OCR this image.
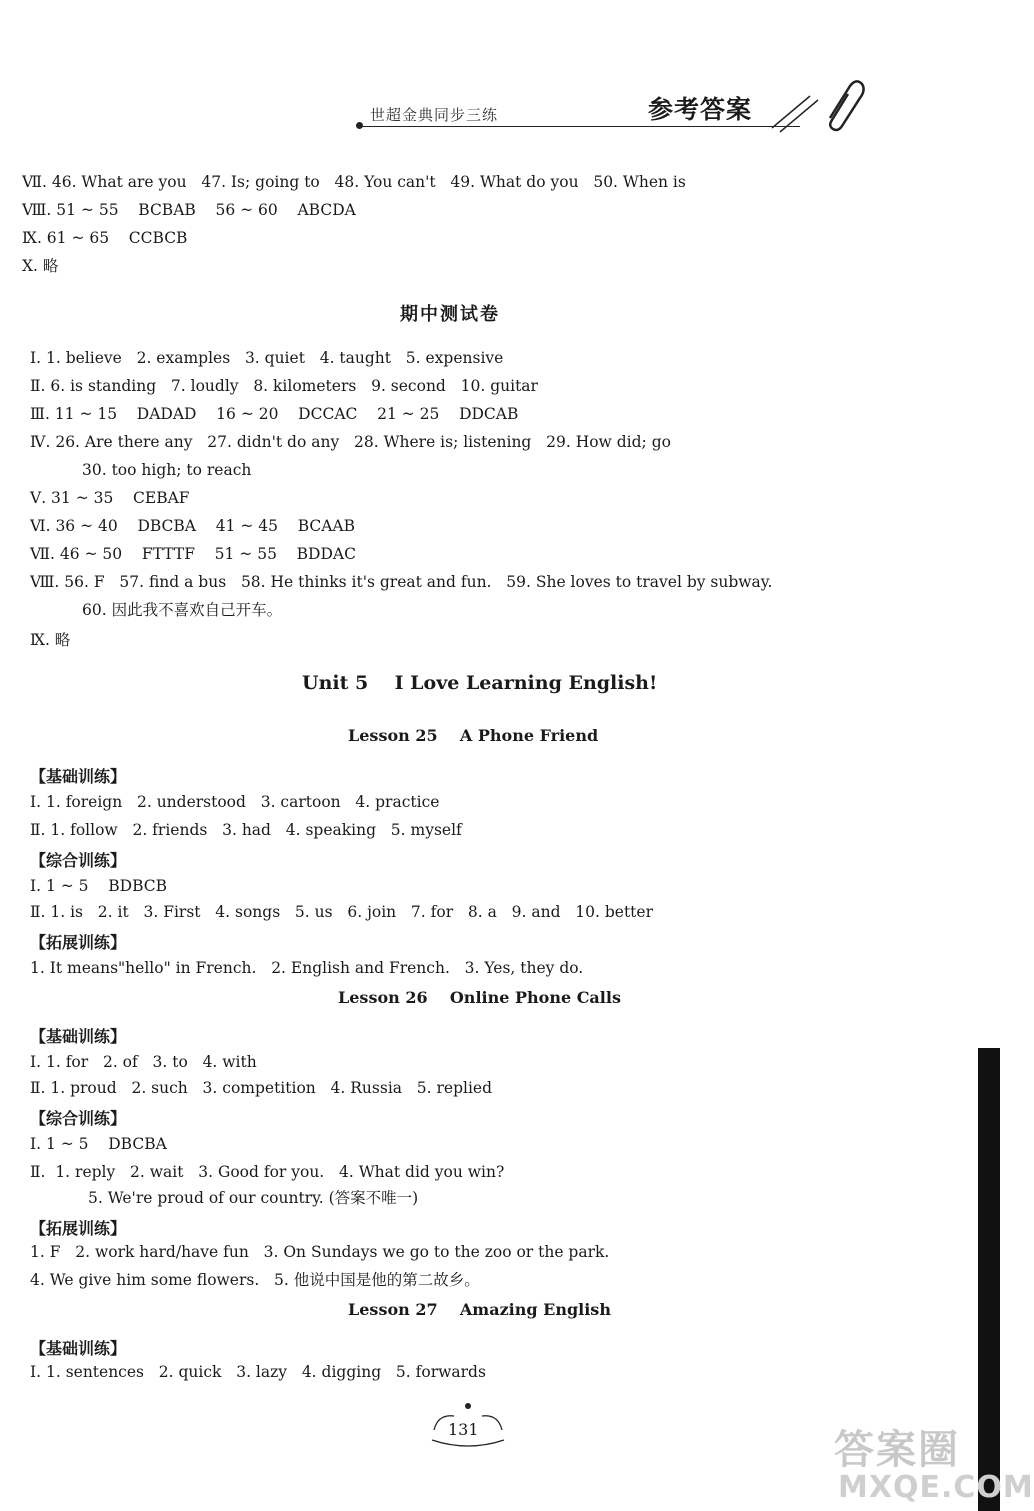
世超金典同步三练	参考答案
Ⅶ. 46. What are you   47. Is; going to   48. You can't   49. What do you   50. When is
Ⅷ. 51 ~ 55    BCBAB    56 ~ 60    ABCDA
Ⅸ. 61 ~ 65    CCBCB
Ⅹ. 略
期中测试卷
Ⅰ. 1. believe   2. examples   3. quiet   4. taught   5. expensive
Ⅱ. 6. is standing   7. loudly   8. kilometers   9. second   10. guitar
Ⅲ. 11 ~ 15    DADAD    16 ~ 20    DCCAC    21 ~ 25    DDCAB
Ⅳ. 26. Are there any   27. didn't do any   28. Where is; listening   29. How did; go
30. too high; to reach
Ⅴ. 31 ~ 35    CEBAF
Ⅵ. 36 ~ 40    DBCBA    41 ~ 45    BCAAB
Ⅶ. 46 ~ 50    FTTTF    51 ~ 55    BDDAC
Ⅷ. 56. F   57. find a bus   58. He thinks it's great and fun.   59. She loves to travel by subway.
60. 因此我不喜欢自己开车。
Ⅸ. 略
Unit 5    I Love Learning English!
Lesson 25    A Phone Friend
【基础训练】
Ⅰ. 1. foreign   2. understood   3. cartoon   4. practice
Ⅱ. 1. follow   2. friends   3. had   4. speaking   5. myself
【综合训练】
Ⅰ. 1 ~ 5    BDBCB
Ⅱ. 1. is   2. it   3. First   4. songs   5. us   6. join   7. for   8. a   9. and   10. better
【拓展训练】
1. It means"hello" in French.   2. English and French.   3. Yes, they do.
Lesson 26    Online Phone Calls
【基础训练】
Ⅰ. 1. for   2. of   3. to   4. with
Ⅱ. 1. proud   2. such   3. competition   4. Russia   5. replied
【综合训练】
Ⅰ. 1 ~ 5    DBCBA
Ⅱ.  1. reply   2. wait   3. Good for you.   4. What did you win?
5. We're proud of our country. (答案不唯一)
【拓展训练】
1. F   2. work hard/have fun   3. On Sundays we go to the zoo or the park.
4. We give him some flowers.   5. 他说中国是他的第二故乡。
Lesson 27    Amazing English
【基础训练】
Ⅰ. 1. sentences   2. quick   3. lazy   4. digging   5. forwards
131	答案圈
MXQE.COM
